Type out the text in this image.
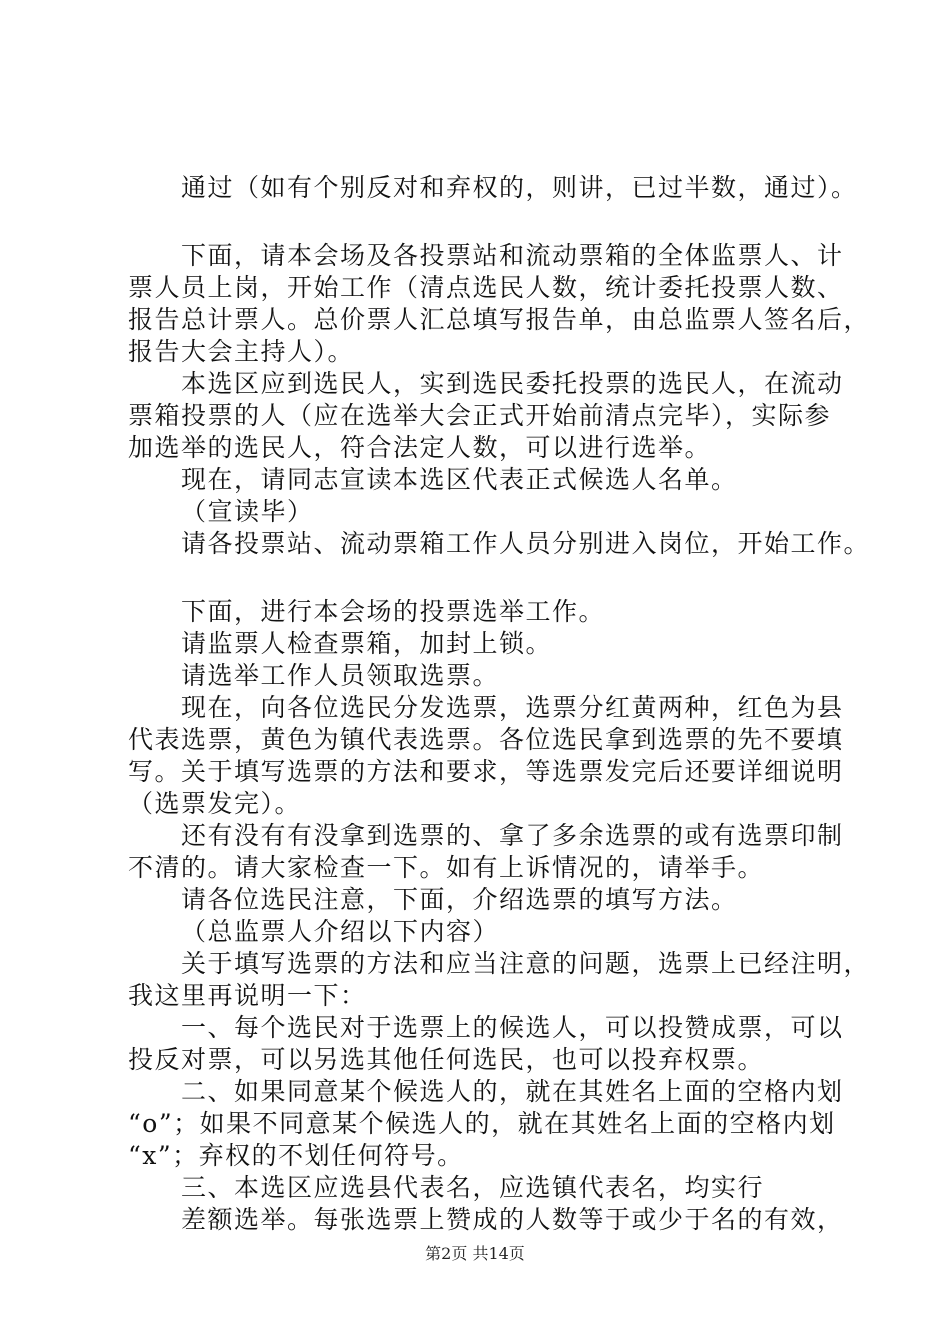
通过（如有个别反对和弃权的，则讲，已过半数，通过）。
下面，请本会场及各投票站和流动票箱的全体监票人、计
票人员上岗，开始工作（清点选民人数，统计委托投票人数、
报告总计票人。总价票人汇总填写报告单，由总监票人签名后，
报告大会主持人）。
本选区应到选民人，实到选民委托投票的选民人，在流动
票箱投票的人（应在选举大会正式开始前清点完毕），实际参
加选举的选民人，符合法定人数，可以进行选举。
现在，请同志宣读本选区代表正式候选人名单。
（宣读毕）
请各投票站、流动票箱工作人员分别进入岗位，开始工作。
下面，进行本会场的投票选举工作。
请监票人检查票箱，加封上锁。
请选举工作人员领取选票。
现在，向各位选民分发选票，选票分红黄两种，红色为县
代表选票，黄色为镇代表选票。各位选民拿到选票的先不要填
写。关于填写选票的方法和要求，等选票发完后还要详细说明
（选票发完）。
还有没有有没拿到选票的、拿了多余选票的或有选票印制
不清的。请大家检查一下。如有上诉情况的，请举手。
请各位选民注意，下面，介绍选票的填写方法。
（总监票人介绍以下内容）
关于填写选票的方法和应当注意的问题，选票上已经注明，
我这里再说明一下：
一、每个选民对于选票上的候选人，可以投赞成票，可以
投反对票，可以另选其他任何选民，也可以投弃权票。
二、如果同意某个候选人的，就在其姓名上面的空格内划
“o”；如果不同意某个候选人的，就在其姓名上面的空格内划
“x”；弃权的不划任何符号。
三、本选区应选县代表名，应选镇代表名，均实行
差额选举。每张选票上赞成的人数等于或少于名的有效，
第2页 共14页
